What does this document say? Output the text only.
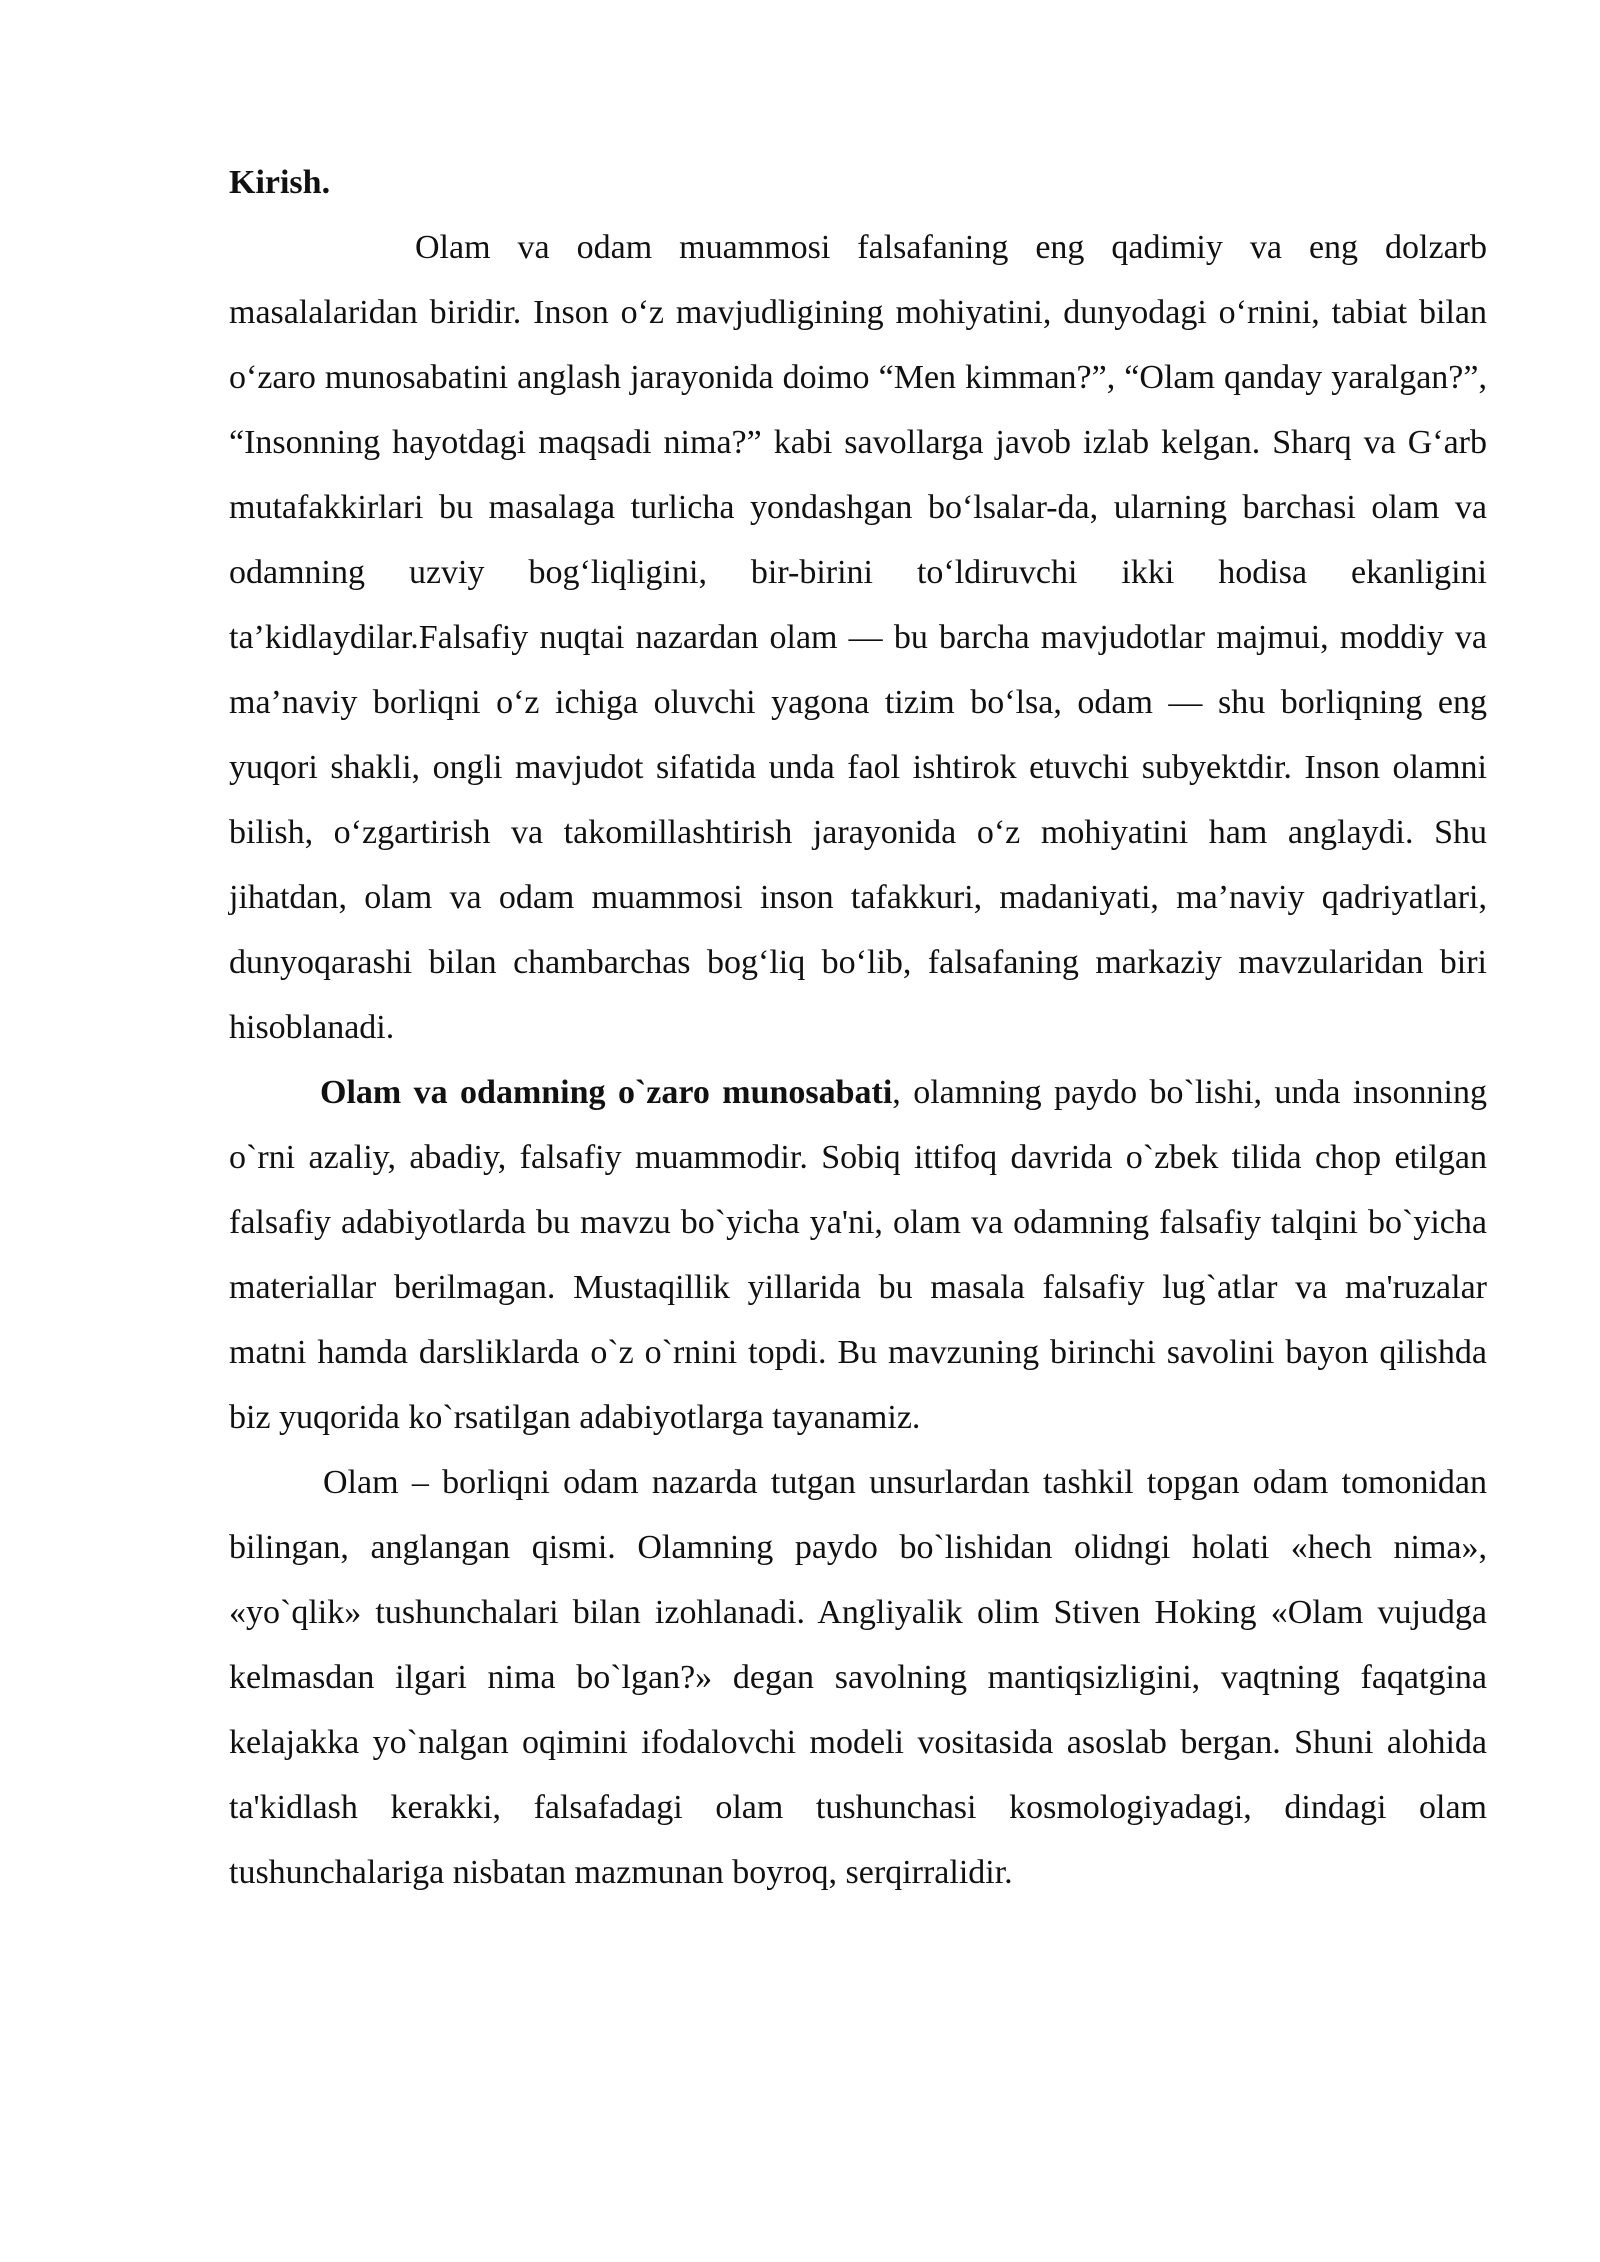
Kirish.

Olam va odam muammosi falsafaning eng qadimiy va eng dolzarb masalalaridan biridir. Inson o‘z mavjudligining mohiyatini, dunyodagi o‘rnini, tabiat bilan o‘zaro munosabatini anglash jarayonida doimo “Men kimman?”, “Olam qanday yaralgan?”, “Insonning hayotdagi maqsadi nima?” kabi savollarga javob izlab kelgan. Sharq va G‘arb mutafakkirlari bu masalaga turlicha yondashgan bo‘lsalar-da, ularning barchasi olam va odamning uzviy bog‘liqligini, bir-birini to‘ldiruvchi ikki hodisa ekanligini ta’kidlaydilar.Falsafiy nuqtai nazardan olam — bu barcha mavjudotlar majmui, moddiy va ma’naviy borliqni o‘z ichiga oluvchi yagona tizim bo‘lsa, odam — shu borliqning eng yuqori shakli, ongli mavjudot sifatida unda faol ishtirok etuvchi subyektdir. Inson olamni bilish, o‘zgartirish va takomillashtirish jarayonida o‘z mohiyatini ham anglaydi. Shu jihatdan, olam va odam muammosi inson tafakkuri, madaniyati, ma’naviy qadriyatlari, dunyoqarashi bilan chambarchas bog‘liq bo‘lib, falsafaning markaziy mavzularidan biri hisoblanadi.

Olam va odamning o`zaro munosabati, olamning paydo bo`lishi, unda insonning o`rni azaliy, abadiy, falsafiy muammodir. Sobiq ittifoq davrida o`zbek tilida chop etilgan falsafiy adabiyotlarda bu mavzu bo`yicha ya'ni, olam va odamning falsafiy talqini bo`yicha materiallar berilmagan. Mustaqillik yillarida bu masala falsafiy lug`atlar va ma'ruzalar matni hamda darsliklarda o`z o`rnini topdi. Bu mavzuning birinchi savolini bayon qilishda biz yuqorida ko`rsatilgan adabiyotlarga tayanamiz.

Olam – borliqni odam nazarda tutgan unsurlardan tashkil topgan odam tomonidan bilingan, anglangan qismi. Olamning paydo bo`lishidan olidngi holati «hech nima», «yo`qlik» tushunchalari bilan izohlanadi. Angliyalik olim Stiven Hoking «Olam vujudga kelmasdan ilgari nima bo`lgan?» degan savolning mantiqsizligini, vaqtning faqatgina kelajakka yo`nalgan oqimini ifodalovchi modeli vositasida asoslab bergan. Shuni alohida ta'kidlash kerakki, falsafadagi olam tushunchasi kosmologiyadagi, dindagi olam tushunchalariga nisbatan mazmunan boyroq, serqirralidir.
